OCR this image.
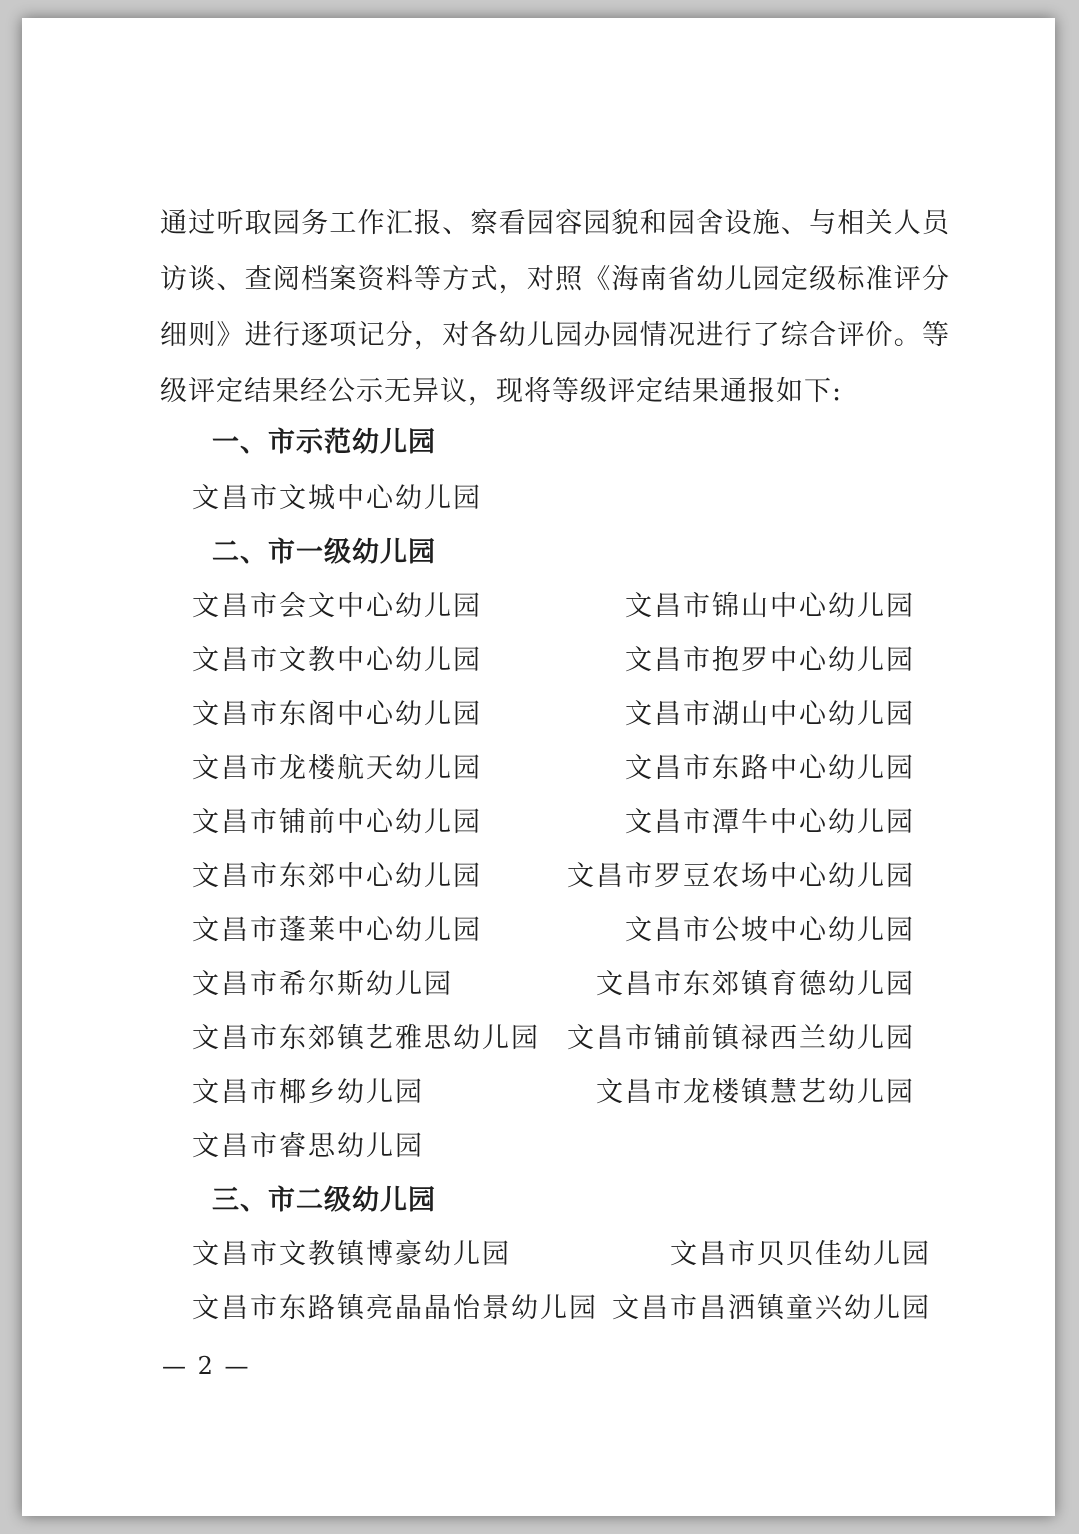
通过听取园务工作汇报、察看园容园貌和园舍设施、与相关人员
访谈、查阅档案资料等方式，对照《海南省幼儿园定级标准评分
细则》进行逐项记分，对各幼儿园办园情况进行了综合评价。等
级评定结果经公示无异议，现将等级评定结果通报如下:
一、市示范幼儿园
文昌市文城中心幼儿园
二、市一级幼儿园
文昌市会文中心幼儿园	文昌市锦山中心幼儿园
文昌市文教中心幼儿园	文昌市抱罗中心幼儿园
文昌市东阁中心幼儿园	文昌市湖山中心幼儿园
文昌市龙楼航天幼儿园	文昌市东路中心幼儿园
文昌市铺前中心幼儿园	文昌市潭牛中心幼儿园
文昌市东郊中心幼儿园	文昌市罗豆农场中心幼儿园
文昌市蓬莱中心幼儿园	文昌市公坡中心幼儿园
文昌市希尔斯幼儿园	文昌市东郊镇育德幼儿园
文昌市东郊镇艺雅思幼儿园 文昌市铺前镇禄西兰幼儿园
文昌市椰乡幼儿园	文昌市龙楼镇慧艺幼儿园
文昌市睿思幼儿园
三、市二级幼儿园
文昌市文教镇博豪幼儿园	文昌市贝贝佳幼儿园
文昌市东路镇亮晶晶怡景幼儿园 文昌市昌洒镇童兴幼儿园
— 2 —
